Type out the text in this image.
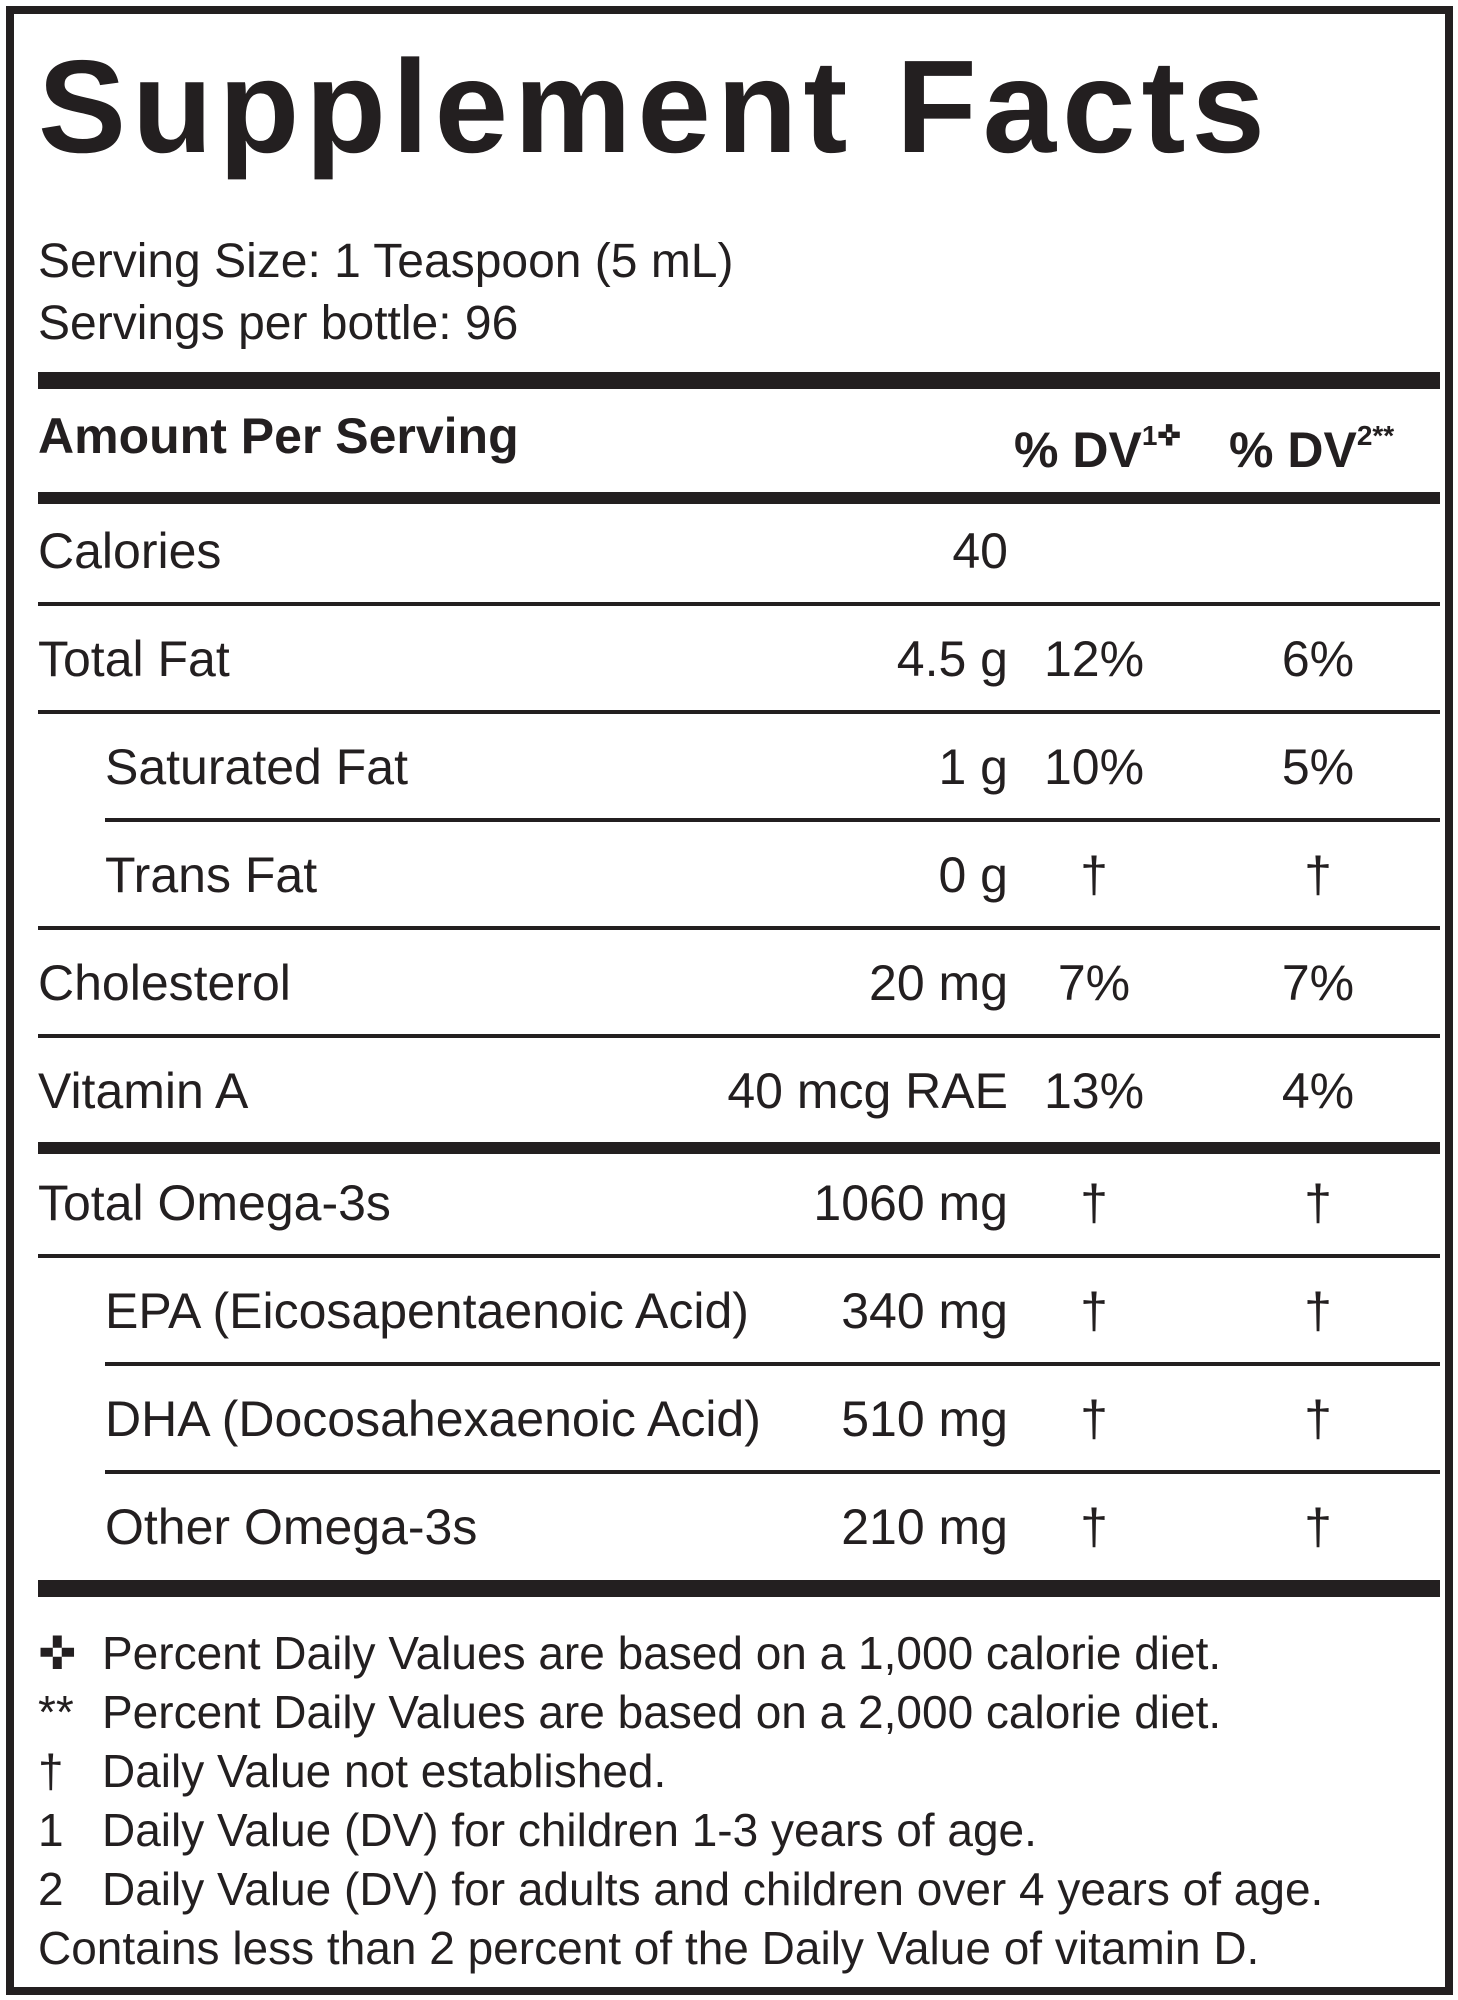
Supplement Facts
Serving Size: 1 Teaspoon (5 mL)
Servings per bottle: 96
Amount Per Serving	% $DV^{1✜}$ % $DV^{2**}$
Calories	40
Total Fat	4.5 g 12%	6%
Saturated Fat	1 g 10%	5%
Trans Fat	0 g	†	†
Cholesterol	20 mg 7%	7%
Vitamin A	40 mcg RAE 13%	4%
Total Omega-3s	1060 mg	†	†
EPA (Eicosapentaenoic Acid) 340 mg	†	†
DHA (Docosahexaenoic Acid) 510 mg	†	†
Other Omega-3s	210 mg	†	†
✜ Percent Daily Values are based on a 1,000 calorie diet.
** Percent Daily Values are based on a 2,000 calorie diet.
† Daily Value not established.
1 Daily Value (DV) for children 1-3 years of age.
2 Daily Value (DV) for adults and children over 4 years of age.
Contains less than 2 percent of the Daily Value of vitamin D.
